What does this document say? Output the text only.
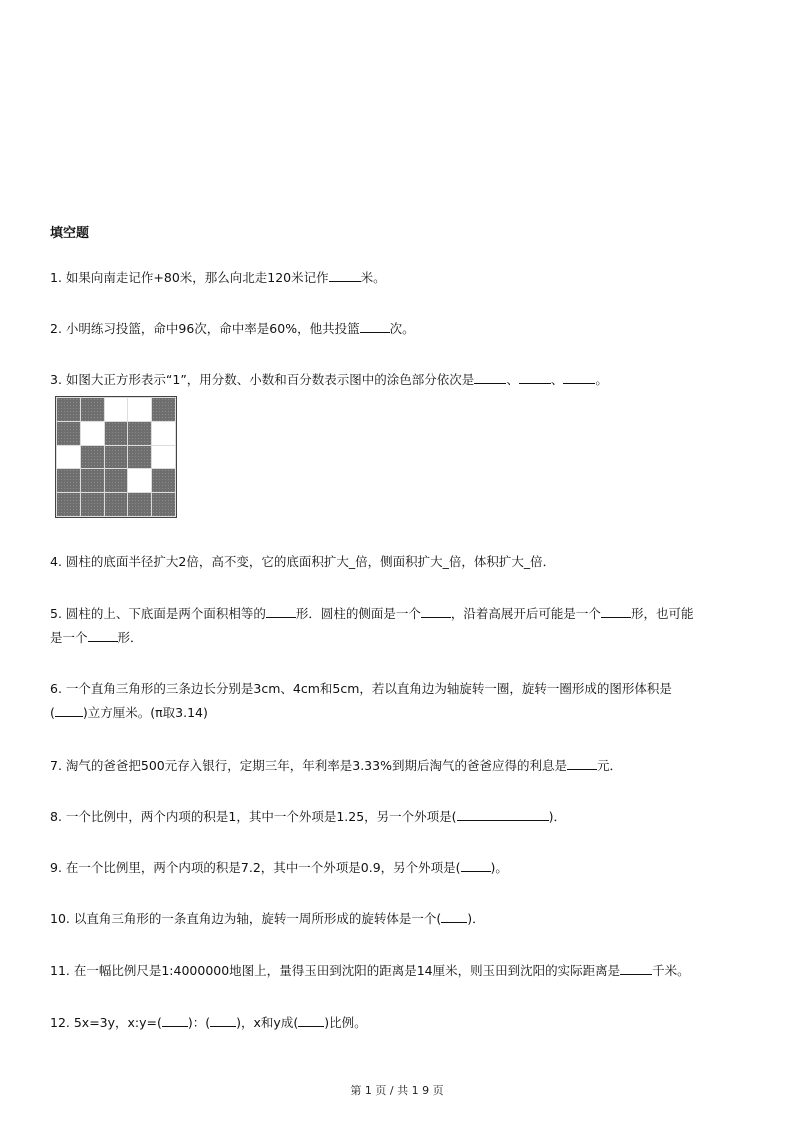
填空题
1. 如果向南走记作+80米，那么向北走120米记作	米。
2. 小明练习投篮，命中96次，命中率是60%，他共投篮 次。
3. 如图大正方形表示“1”，用分数、小数和百分数表示图中的涂色部分依次是	、	、	。
4. 圆柱的底面半径扩大2倍，高不变，它的底面积扩大_倍，侧面积扩大_倍，体积扩大_倍．
5. 圆柱的上、下底面是两个面积相等的 形．圆柱的侧面是一个 ，沿着高展开后可能是一个 形，也可能
是一个 形．
6. 一个直角三角形的三条边长分别是3cm、4cm和5cm，若以直角边为轴旋转一圈，旋转一圈形成的图形体积是
( )立方厘米。(π取3.14)
7. 淘气的爸爸把500元存入银行，定期三年，年利率是3.33%到期后淘气的爸爸应得的利息是 元．
8. 一个比例中，两个内项的积是1，其中一个外项是1.25，另一个外项是(	)．
9. 在一个比例里，两个内项的积是7.2，其中一个外项是0.9，另个外项是( )。
10. 以直角三角形的一条直角边为轴，旋转一周所形成的旋转体是一个( )．
11. 在一幅比例尺是1:4000000地图上，量得玉田到沈阳的距离是14厘米，则玉田到沈阳的实际距离是	千米。
12. 5x=3y，x:y=( )：( )，x和y成( )比例。
第 1 页 / 共 1 9 页
